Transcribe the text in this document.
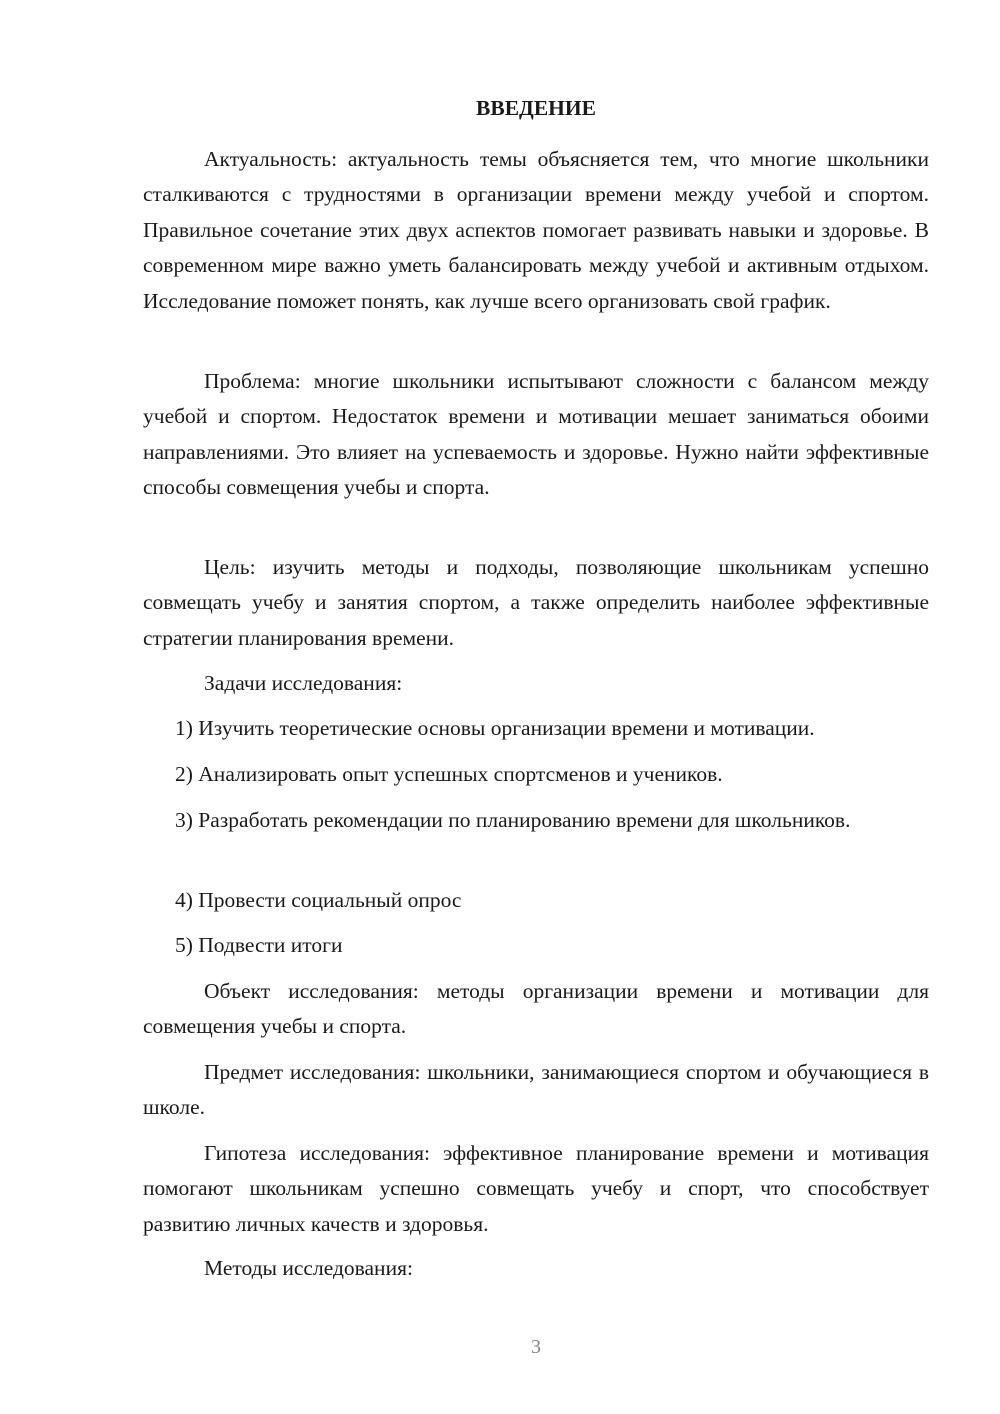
ВВЕДЕНИЕ

Актуальность: актуальность темы объясняется тем, что многие школьники сталкиваются с трудностями в организации времени между учебой и спортом. Правильное сочетание этих двух аспектов помогает развивать навыки и здоровье. В современном мире важно уметь балансировать между учебой и активным отдыхом. Исследование поможет понять, как лучше всего организовать свой график.

Проблема: многие школьники испытывают сложности с балансом между учебой и спортом. Недостаток времени и мотивации мешает заниматься обоими направлениями. Это влияет на успеваемость и здоровье. Нужно найти эффективные способы совмещения учебы и спорта.

Цель: изучить методы и подходы, позволяющие школьникам успешно совмещать учебу и занятия спортом, а также определить наиболее эффективные стратегии планирования времени.

Задачи исследования:

1) Изучить теоретические основы организации времени и мотивации.

2) Анализировать опыт успешных спортсменов и учеников.

3) Разработать рекомендации по планированию времени для школьников.

4) Провести социальный опрос

5) Подвести итоги

Объект исследования: методы организации времени и мотивации для совмещения учебы и спорта.

Предмет исследования: школьники, занимающиеся спортом и обучающиеся в школе.

Гипотеза исследования: эффективное планирование времени и мотивация помогают школьникам успешно совмещать учебу и спорт, что способствует развитию личных качеств и здоровья.

Методы исследования:

3
